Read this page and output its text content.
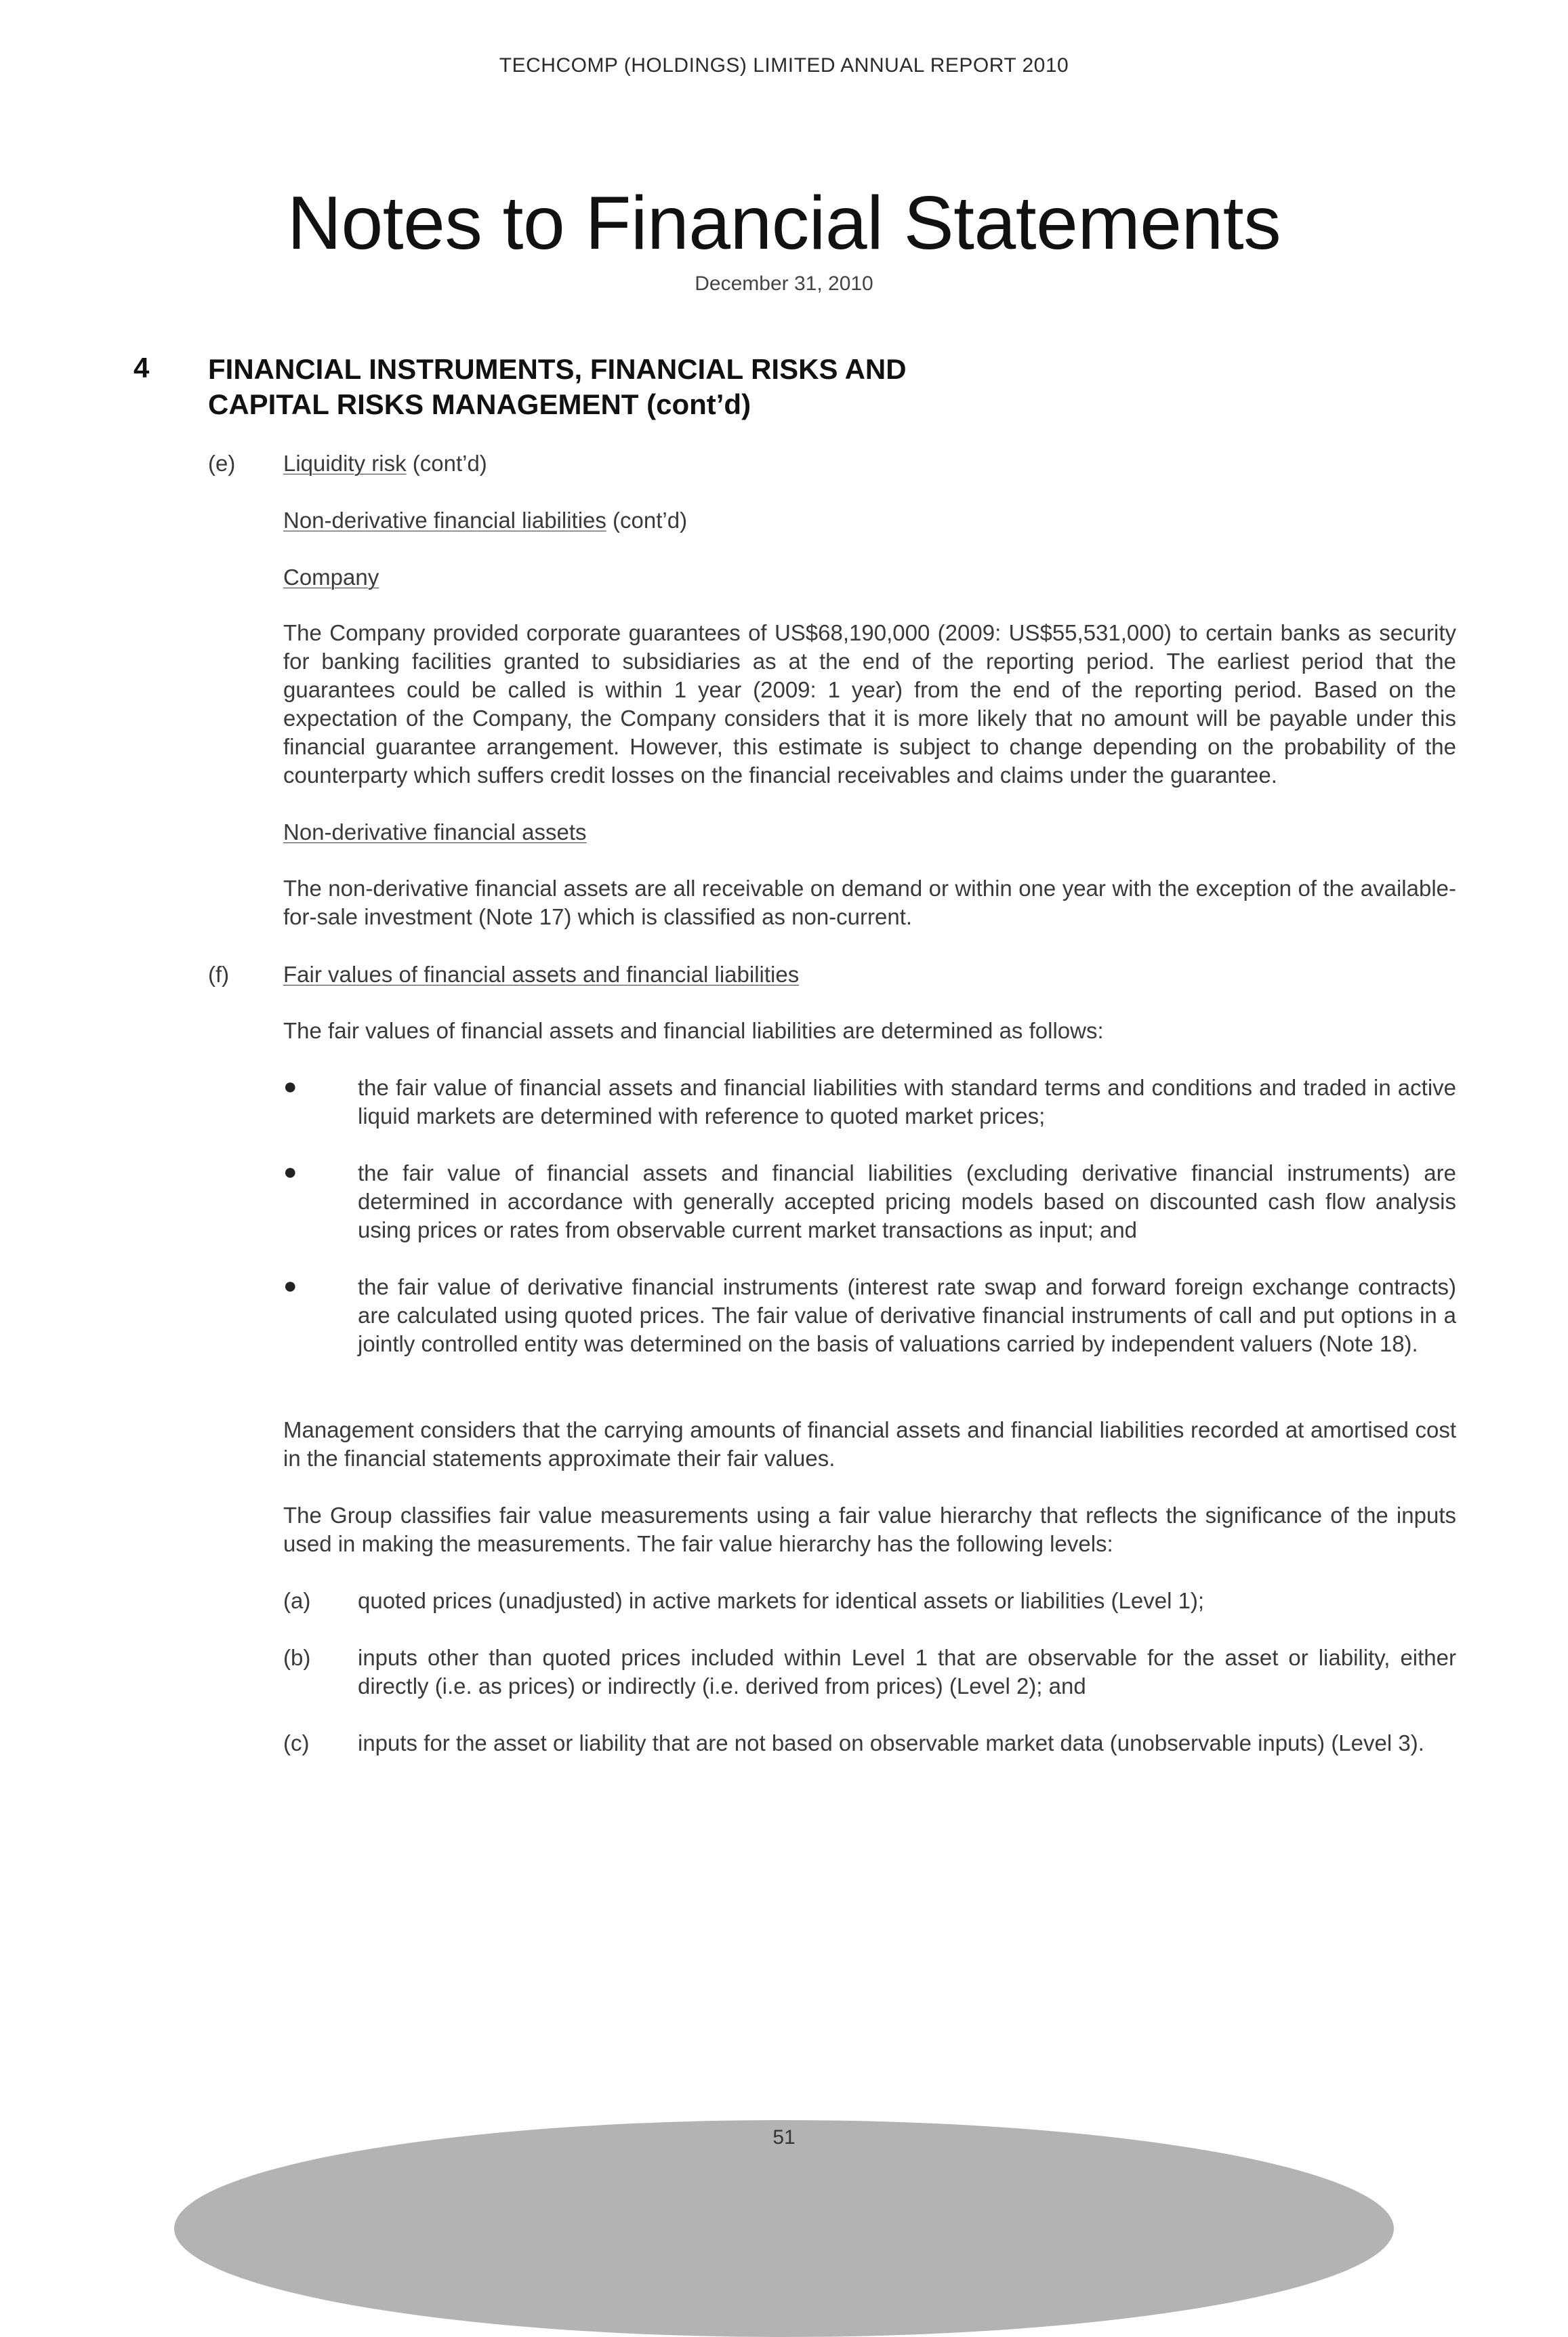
TECHCOMP (HOLDINGS) LIMITED ANNUAL REPORT 2010
Notes to Financial Statements
December 31, 2010
4 FINANCIAL INSTRUMENTS, FINANCIAL RISKS AND
CAPITAL RISKS MANAGEMENT (cont’d)
(e) Liquidity risk (cont’d)
Non-derivative financial liabilities (cont’d)
Company
The Company provided corporate guarantees of US$68,190,000 (2009: US$55,531,000) to certain banks as security for banking facilities granted to subsidiaries as at the end of the reporting period. The earliest period that the guarantees could be called is within 1 year (2009: 1 year) from the end of the reporting period. Based on the expectation of the Company, the Company considers that it is more likely that no amount will be payable under this financial guarantee arrangement. However, this estimate is subject to change depending on the probability of the counterparty which suffers credit losses on the financial receivables and claims under the guarantee.
Non-derivative financial assets
The non-derivative financial assets are all receivable on demand or within one year with the exception of the available-for-sale investment (Note 17) which is classified as non-current.
(f) Fair values of financial assets and financial liabilities
The fair values of financial assets and financial liabilities are determined as follows:
●	the fair value of financial assets and financial liabilities with standard terms and conditions and traded in active liquid markets are determined with reference to quoted market prices;
●	the fair value of financial assets and financial liabilities (excluding derivative financial instruments) are determined in accordance with generally accepted pricing models based on discounted cash flow analysis using prices or rates from observable current market transactions as input; and
●	the fair value of derivative financial instruments (interest rate swap and forward foreign exchange contracts) are calculated using quoted prices. The fair value of derivative financial instruments of call and put options in a jointly controlled entity was determined on the basis of valuations carried by independent valuers (Note 18).
Management considers that the carrying amounts of financial assets and financial liabilities recorded at amortised cost in the financial statements approximate their fair values.
The Group classifies fair value measurements using a fair value hierarchy that reflects the significance of the inputs used in making the measurements. The fair value hierarchy has the following levels:
(a) quoted prices (unadjusted) in active markets for identical assets or liabilities (Level 1);
(b) inputs other than quoted prices included within Level 1 that are observable for the asset or liability, either directly (i.e. as prices) or indirectly (i.e. derived from prices) (Level 2); and
(c) inputs for the asset or liability that are not based on observable market data (unobservable inputs) (Level 3).
51
